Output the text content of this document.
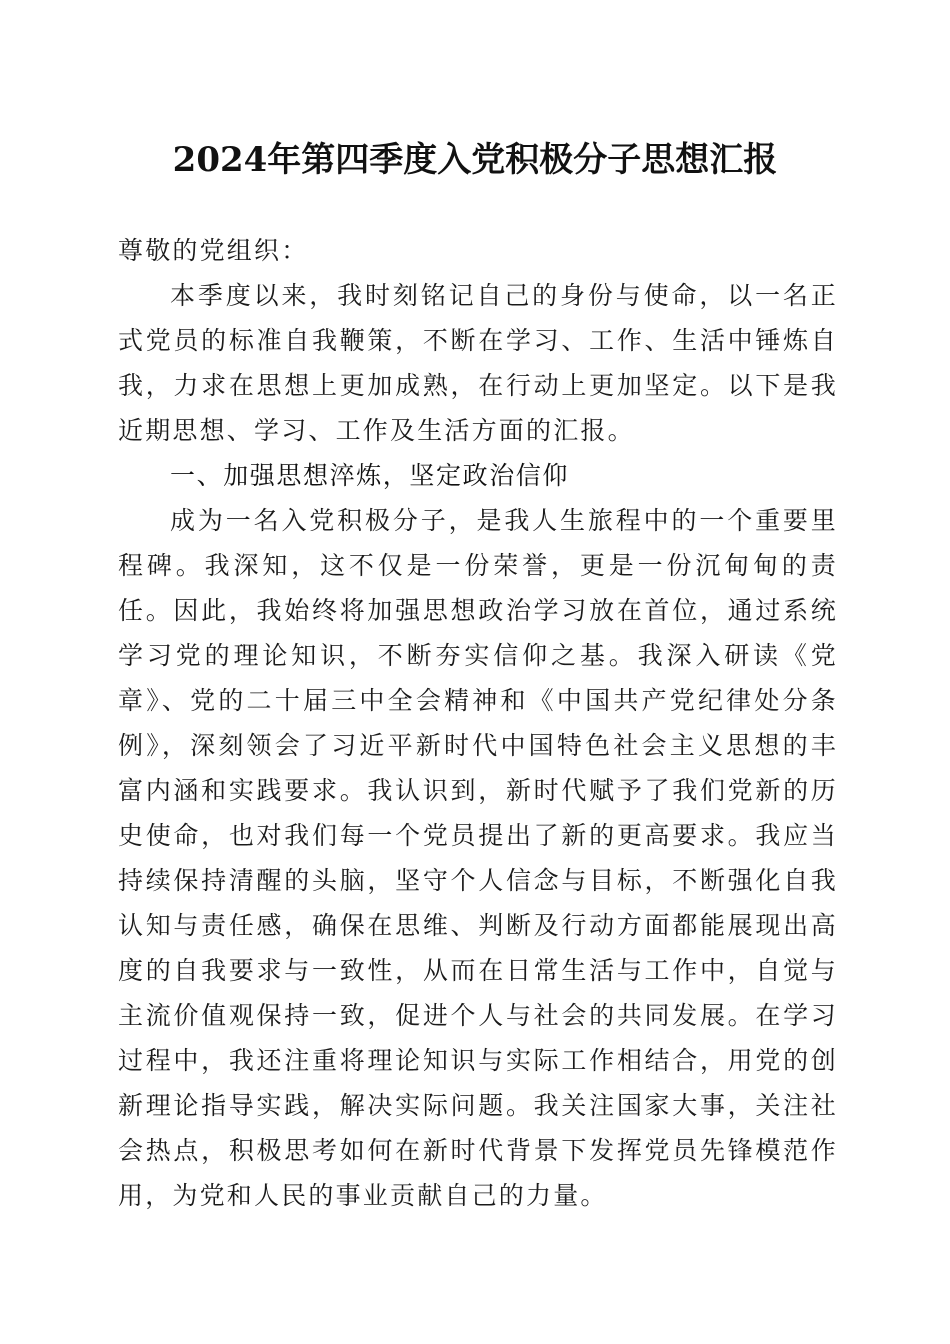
2024年第四季度入党积极分子思想汇报

尊敬的党组织：

本季度以来，我时刻铭记自己的身份与使命，以一名正式党员的标准自我鞭策，不断在学习、工作、生活中锤炼自我，力求在思想上更加成熟，在行动上更加坚定。以下是我近期思想、学习、工作及生活方面的汇报。

一、加强思想淬炼，坚定政治信仰

成为一名入党积极分子，是我人生旅程中的一个重要里程碑。我深知，这不仅是一份荣誉，更是一份沉甸甸的责任。因此，我始终将加强思想政治学习放在首位，通过系统学习党的理论知识，不断夯实信仰之基。我深入研读《党章》、党的二十届三中全会精神和《中国共产党纪律处分条例》，深刻领会了习近平新时代中国特色社会主义思想的丰富内涵和实践要求。我认识到，新时代赋予了我们党新的历史使命，也对我们每一个党员提出了新的更高要求。我应当持续保持清醒的头脑，坚守个人信念与目标，不断强化自我认知与责任感，确保在思维、判断及行动方面都能展现出高度的自我要求与一致性，从而在日常生活与工作中，自觉与主流价值观保持一致，促进个人与社会的共同发展。在学习过程中，我还注重将理论知识与实际工作相结合，用党的创新理论指导实践，解决实际问题。我关注国家大事，关注社会热点，积极思考如何在新时代背景下发挥党员先锋模范作用，为党和人民的事业贡献自己的力量。
